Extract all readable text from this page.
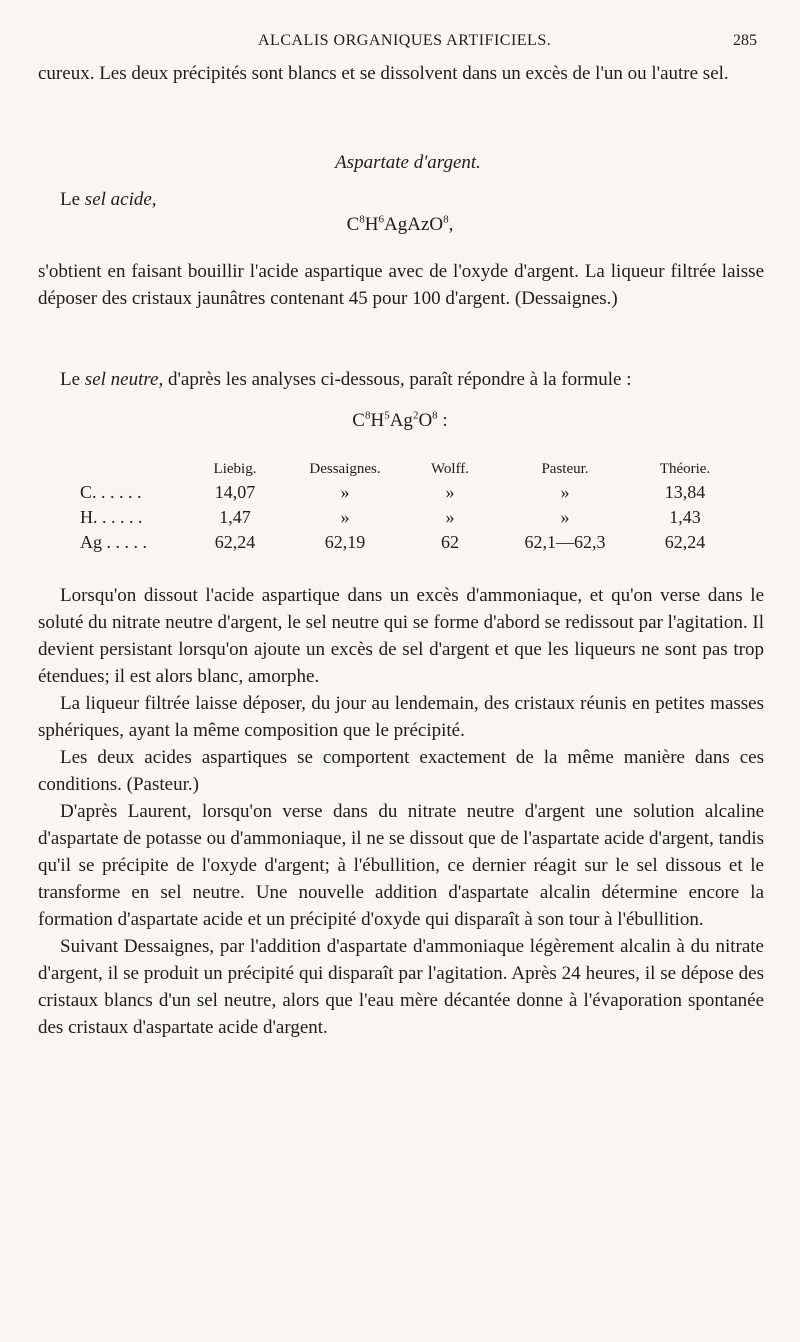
ALCALIS ORGANIQUES ARTIFICIELS.	285

cureux. Les deux précipités sont blancs et se dissolvent dans un excès de l'un ou l'autre sel.

Aspartate d'argent.

Le sel acide,

$C^8H^6AgAzO^8$,

s'obtient en faisant bouillir l'acide aspartique avec de l'oxyde d'argent. La liqueur filtrée laisse déposer des cristaux jaunâtres contenant 45 pour 100 d'argent. (Dessaignes.)

Le sel neutre, d'après les analyses ci-dessous, paraît répondre à la formule :

$C^8H^5Ag^2O^8$ :
	Liebig.	Dessaignes.	Wolff.	Pasteur.	Théorie.
C. . . . . .	14,07	»	»	»	13,84
H. . . . . .	1,47	»	»	»	1,43
Ag . . . . .	62,24	62,19	62	62,1—62,3	62,24

Lorsqu'on dissout l'acide aspartique dans un excès d'ammoniaque, et qu'on verse dans le soluté du nitrate neutre d'argent, le sel neutre qui se forme d'abord se redissout par l'agitation. Il devient persistant lorsqu'on ajoute un excès de sel d'argent et que les liqueurs ne sont pas trop étendues; il est alors blanc, amorphe.

La liqueur filtrée laisse déposer, du jour au lendemain, des cristaux réunis en petites masses sphériques, ayant la même composition que le précipité.

Les deux acides aspartiques se comportent exactement de la même manière dans ces conditions. (Pasteur.)

D'après Laurent, lorsqu'on verse dans du nitrate neutre d'argent une solution alcaline d'aspartate de potasse ou d'ammoniaque, il ne se dissout que de l'aspartate acide d'argent, tandis qu'il se précipite de l'oxyde d'argent; à l'ébullition, ce dernier réagit sur le sel dissous et le transforme en sel neutre. Une nouvelle addition d'aspartate alcalin détermine encore la formation d'aspartate acide et un précipité d'oxyde qui disparaît à son tour à l'ébullition.

Suivant Dessaignes, par l'addition d'aspartate d'ammoniaque légèrement alcalin à du nitrate d'argent, il se produit un précipité qui disparaît par l'agitation. Après 24 heures, il se dépose des cristaux blancs d'un sel neutre, alors que l'eau mère décantée donne à l'évaporation spontanée des cristaux d'aspartate acide d'argent.
